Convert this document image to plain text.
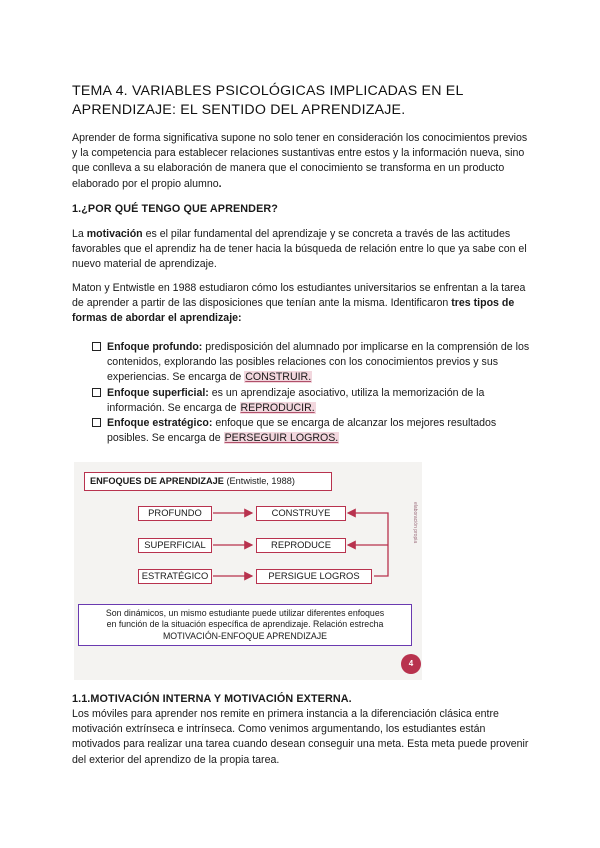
TEMA 4. VARIABLES PSICOLÓGICAS IMPLICADAS EN EL
APRENDIZAJE: EL SENTIDO DEL APRENDIZAJE.
Aprender de forma significativa supone no solo tener en consideración los conocimientos previos y la competencia para establecer relaciones sustantivas entre estos y la información nueva, sino que conlleva a su elaboración de manera que el conocimiento se transforma en un producto elaborado por el propio alumno.
1.¿POR QUÉ TENGO QUE APRENDER?
La motivación es el pilar fundamental del aprendizaje y se concreta a través de las actitudes favorables que el aprendiz ha de tener hacia la búsqueda de relación entre lo que ya sabe con el nuevo material de aprendizaje.
Maton y Entwistle en 1988 estudiaron cómo los estudiantes universitarios se enfrentan a la tarea de aprender a partir de las disposiciones que tenían ante la misma. Identificaron tres tipos de formas de abordar el aprendizaje:
Enfoque profundo: predisposición del alumnado por implicarse en la comprensión de los contenidos, explorando las posibles relaciones con los conocimientos previos y sus experiencias. Se encarga de CONSTRUIR.
Enfoque superficial: es un aprendizaje asociativo, utiliza la memorización de la información. Se encarga de REPRODUCIR.
Enfoque estratégico: enfoque que se encarga de alcanzar los mejores resultados posibles. Se encarga de PERSEGUIR LOGROS.
ENFOQUES DE APRENDIZAJE (Entwistle, 1988)
PROFUNDO
SUPERFICIAL
ESTRATÉGICO
CONSTRUYE
REPRODUCE
PERSIGUE LOGROS
elaboración propia
Son dinámicos, un mismo estudiante puede utilizar diferentes enfoques
en función de la situación específica de aprendizaje. Relación estrecha
MOTIVACIÓN-ENFOQUE APRENDIZAJE
4
1.1.MOTIVACIÓN INTERNA Y MOTIVACIÓN EXTERNA.
Los móviles para aprender nos remite en primera instancia a la diferenciación clásica entre motivación extrínseca e intrínseca. Como venimos argumentando, los estudiantes están motivados para realizar una tarea cuando desean conseguir una meta. Esta meta puede provenir del exterior del aprendizo de la propia tarea.
